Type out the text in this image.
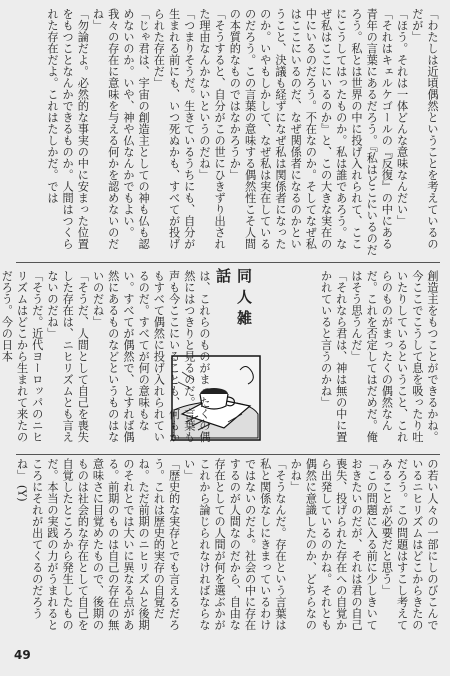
「わたしは近頃偶然ということを考えているのだが」
「ほう。それは一体どんな意味なんだい」
「それはキェルケゴールの『反復』の中にある青年の言葉にあるだろう。『私はどこにいるのだろう。私とは世界の中に投げ入れられて、ここにこうしてはったものか。私は誰であろう。なぜ私はここにいるのか』と、この大きな実在の中にいるのだろう。不在なのか。そしてなぜ私はここにいるのだ、なぜ関係者になるのかということ、決議も経ずになぜ私は関係者になったのか。いやもしかして、なぜ私は実在しているのだろう。この言葉の意味する偶然性こそ人間の本質的なものではなかろうか」
「そうすると、自分がこの世にひきずり出された理由なんかないというのだね」
「つまりそうだ。生きているうちにも、自分が生まれる前にも、いつ死ぬかも、すべてが投げられた存在だ」
「じゃ君は、宇宙の創造主としての神も仏も認めないのか。いや、神や仏なんかでもよい。我々の存在に意味を与える何かを認めないのだね」
「勿論だよ。必然的な事実の中に安まった位置をもつことなんかできるものか。人間はつくられた存在だよ。これはたしかだ。では
創造主をもつことができるかね。今ここでこうして息を吸ったり吐いたりしているということ、これらのものがまったくの偶然なんだ。これを否定してはだめだ。俺はそう思うんだ」
「それなら君は、神は無の中に置かれていると言うのかね」
同人雑話
は、これらのものがまったくの偶然にはつきりと見るのだ。言葉も声も今ここにいることも、何もかもすべて偶然に投げ入れられているのだ。すべてが何の意味もない。すべてが偶然で、とすれば偶然にあるものなどというものはないのだね」
「そうだ、人間として自己を喪失した存在は、ニヒリズムとも言えないのだね」
「そうだ。近代ヨーロッパのニヒリズムはどこから生まれて来たのだろう。今の日本
の若い人々の一部にしのびこんでいるニヒリズムはどこからきたのだろう。この問題はすこし考えてみることが必要だと思う」
「この問題に入る前に少しきいておきたいのだが、それは君の自己喪失、投げられた存在への自覚から出発しているのかね。それとも偶然に意識したのか、どちらなのかね」
「そうなんだ。存在という言葉は私と関係なしにきまっているわけではないのだよ。社会の中に存在するのが人間なのだから、自由な存在としての人間が何を選ぶかがこれから論じられなければならない」
「歴史的な実存とでも言えるだろう。これは歴史的実存の自覚だね。ただ前期のニヒリズムと後期のそれとでは大いに異なる点がある。前期のものは自己の存在の無意味さに目覚めたもので、後期のものは社会的な存在として自己を自覚したところから発生したものだ。本当の実践の力がうまれるところにそれが出てくるのだろうね」 (Y)
49
